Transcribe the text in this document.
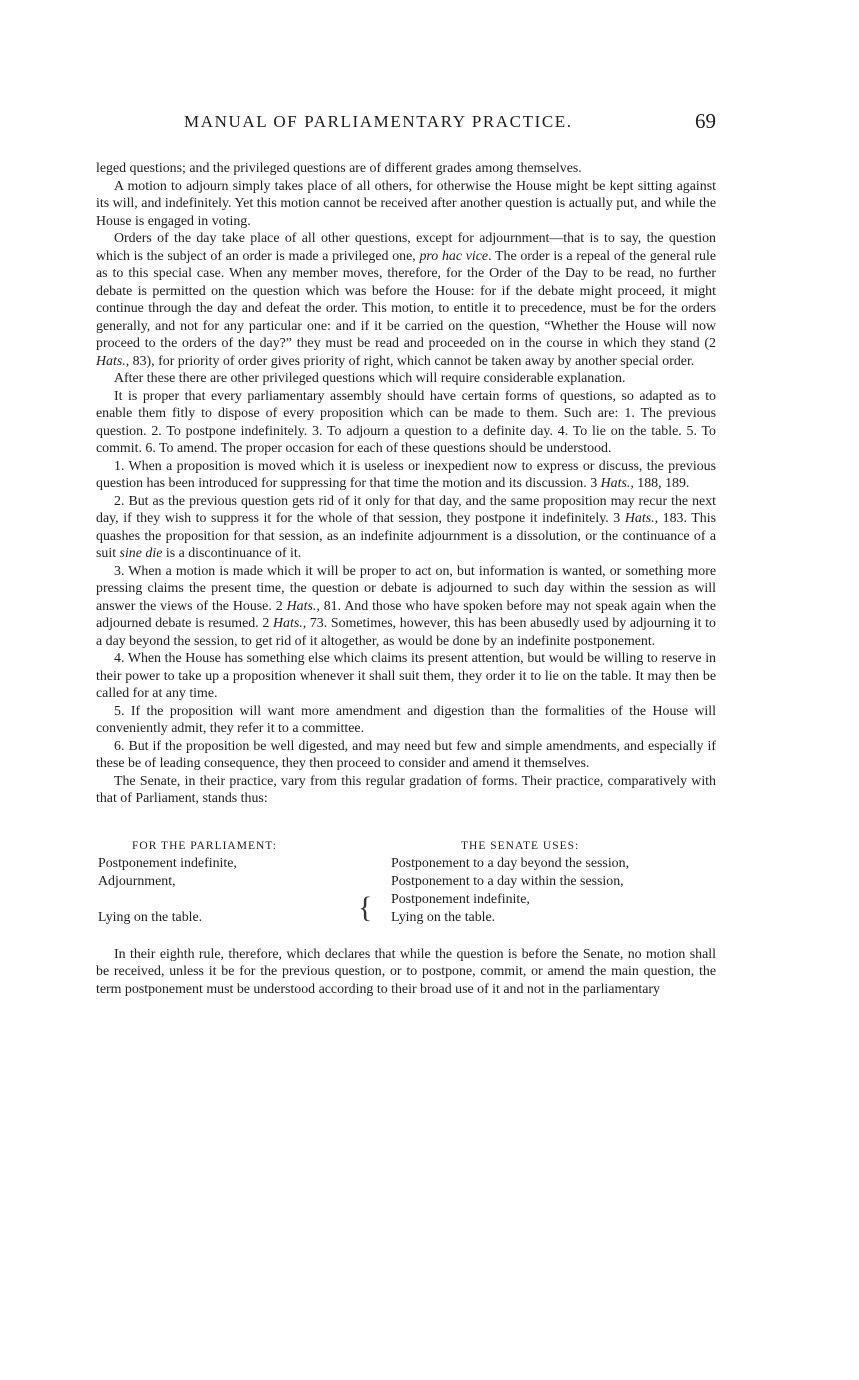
MANUAL OF PARLIAMENTARY PRACTICE.	69

leged questions; and the privileged questions are of different grades among themselves.

A motion to adjourn simply takes place of all others, for otherwise the House might be kept sitting against its will, and indefinitely. Yet this motion cannot be received after another question is actually put, and while the House is engaged in voting.

Orders of the day take place of all other questions, except for adjournment—that is to say, the question which is the subject of an order is made a privileged one, pro hac vice. The order is a repeal of the general rule as to this special case. When any member moves, therefore, for the Order of the Day to be read, no further debate is permitted on the question which was before the House: for if the debate might proceed, it might continue through the day and defeat the order. This motion, to entitle it to precedence, must be for the orders generally, and not for any particular one: and if it be carried on the question, “Whether the House will now proceed to the orders of the day?” they must be read and proceeded on in the course in which they stand (2 Hats., 83), for priority of order gives priority of right, which cannot be taken away by another special order.

After these there are other privileged questions which will require considerable explanation.

It is proper that every parliamentary assembly should have certain forms of questions, so adapted as to enable them fitly to dispose of every proposition which can be made to them. Such are: 1. The previous question. 2. To postpone indefinitely. 3. To adjourn a question to a definite day. 4. To lie on the table. 5. To commit. 6. To amend. The proper occasion for each of these questions should be understood.

1. When a proposition is moved which it is useless or inexpedient now to express or discuss, the previous question has been introduced for suppressing for that time the motion and its discussion. 3 Hats., 188, 189.

2. But as the previous question gets rid of it only for that day, and the same proposition may recur the next day, if they wish to suppress it for the whole of that session, they postpone it indefinitely. 3 Hats., 183. This quashes the proposition for that session, as an indefinite adjournment is a dissolution, or the continuance of a suit sine die is a discontinuance of it.

3. When a motion is made which it will be proper to act on, but information is wanted, or something more pressing claims the present time, the question or debate is adjourned to such day within the session as will answer the views of the House. 2 Hats., 81. And those who have spoken before may not speak again when the adjourned debate is resumed. 2 Hats., 73. Sometimes, however, this has been abusedly used by adjourning it to a day beyond the session, to get rid of it altogether, as would be done by an indefinite postponement.

4. When the House has something else which claims its present attention, but would be willing to reserve in their power to take up a proposition whenever it shall suit them, they order it to lie on the table. It may then be called for at any time.

5. If the proposition will want more amendment and digestion than the formalities of the House will conveniently admit, they refer it to a committee.

6. But if the proposition be well digested, and may need but few and simple amendments, and especially if these be of leading consequence, they then proceed to consider and amend it themselves.

The Senate, in their practice, vary from this regular gradation of forms. Their practice, comparatively with that of Parliament, stands thus:

FOR THE PARLIAMENT:
Postponement indefinite,
Adjournment,
Lying on the table.	{
THE SENATE USES:
Postponement to a day beyond the session,
Postponement to a day within the session,
Postponement indefinite,
Lying on the table.

In their eighth rule, therefore, which declares that while the question is before the Senate, no motion shall be received, unless it be for the previous question, or to postpone, commit, or amend the main question, the term postponement must be understood according to their broad use of it and not in the parliamentary
